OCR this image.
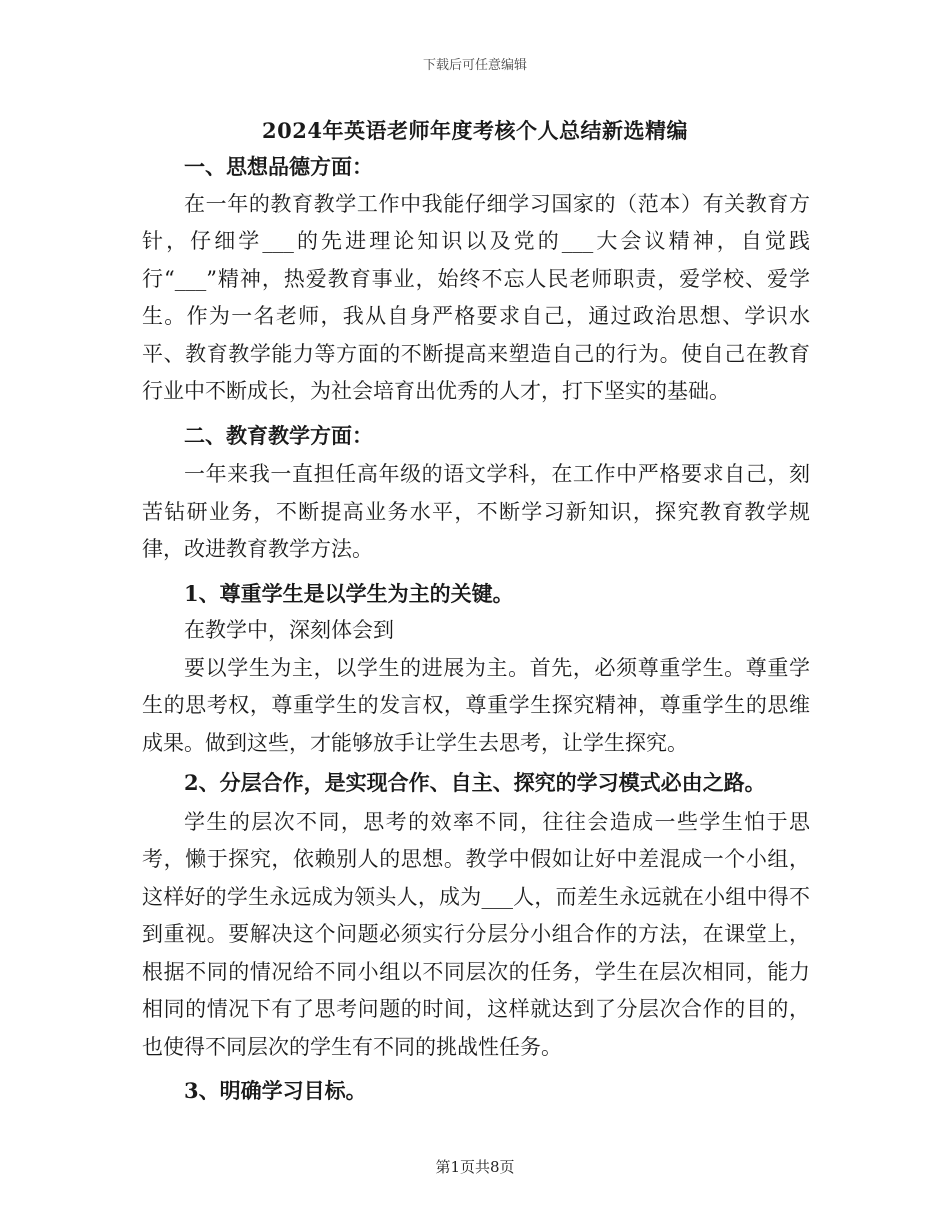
下载后可任意编辑
2024年英语老师年度考核个人总结新选精编

一、思想品德方面：

在一年的教育教学工作中我能仔细学习国家的（范本）有关教育方针，仔细学___的先进理论知识以及党的___大会议精神，自觉践行“___”精神，热爱教育事业，始终不忘人民老师职责，爱学校、爱学生。作为一名老师，我从自身严格要求自己，通过政治思想、学识水平、教育教学能力等方面的不断提高来塑造自己的行为。使自己在教育行业中不断成长，为社会培育出优秀的人才，打下坚实的基础。

二、教育教学方面：

一年来我一直担任高年级的语文学科，在工作中严格要求自己，刻苦钻研业务，不断提高业务水平，不断学习新知识，探究教育教学规律，改进教育教学方法。

1、尊重学生是以学生为主的关键。

在教学中，深刻体会到

要以学生为主，以学生的进展为主。首先，必须尊重学生。尊重学生的思考权，尊重学生的发言权，尊重学生探究精神，尊重学生的思维成果。做到这些，才能够放手让学生去思考，让学生探究。

2、分层合作，是实现合作、自主、探究的学习模式必由之路。

学生的层次不同，思考的效率不同，往往会造成一些学生怕于思考，懒于探究，依赖别人的思想。教学中假如让好中差混成一个小组，这样好的学生永远成为领头人，成为___人，而差生永远就在小组中得不到重视。要解决这个问题必须实行分层分小组合作的方法，在课堂上，根据不同的情况给不同小组以不同层次的任务，学生在层次相同，能力相同的情况下有了思考问题的时间，这样就达到了分层次合作的目的，也使得不同层次的学生有不同的挑战性任务。

3、明确学习目标。

第1页共8页
